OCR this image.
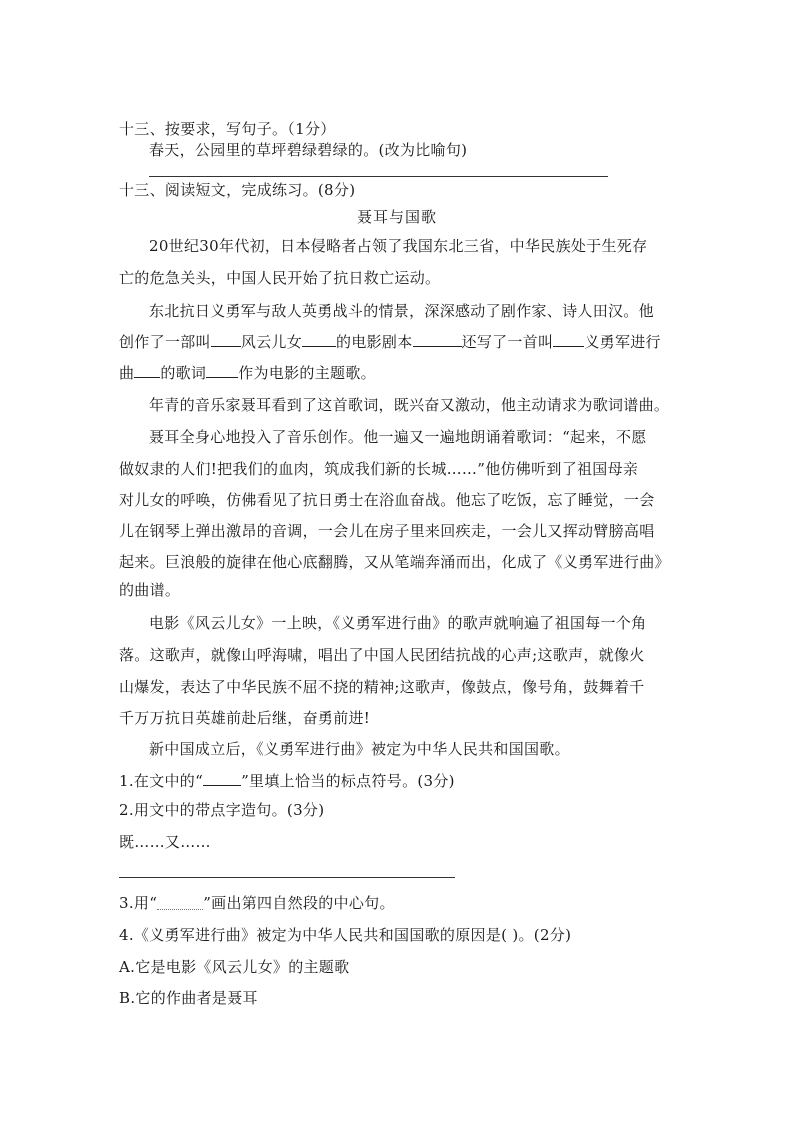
十三、按要求，写句子。（1分）
春天，公园里的草坪碧绿碧绿的。(改为比喻句)
十三、阅读短文，完成练习。(8分)
聂耳与国歌
20世纪30年代初，日本侵略者占领了我国东北三省，中华民族处于生死存
亡的危急关头，中国人民开始了抗日救亡运动。
东北抗日义勇军与敌人英勇战斗的情景，深深感动了剧作家、诗人田汉。他
创作了一部叫 风云儿女 的电影剧本	还写了一首叫 义勇军进行
曲 的歌词 作为电影的主题歌。
年青的音乐家聂耳看到了这首歌词，既兴奋又激动，他主动请求为歌词谱曲。
聂耳全身心地投入了音乐创作。他一遍又一遍地朗诵着歌词：“起来，不愿
做奴隶的人们!把我们的血肉，筑成我们新的长城……”他仿佛听到了祖国母亲
对儿女的呼唤，仿佛看见了抗日勇士在浴血奋战。他忘了吃饭，忘了睡觉，一会
儿在钢琴上弹出激昂的音调，一会儿在房子里来回疾走，一会儿又挥动臂膀高唱
起来。巨浪般的旋律在他心底翻腾，又从笔端奔涌而出，化成了《义勇军进行曲》
的曲谱。
电影《风云儿女》一上映，《义勇军进行曲》的歌声就响遍了祖国每一个角
落。这歌声，就像山呼海啸，唱出了中国人民团结抗战的心声;这歌声，就像火
山爆发，表达了中华民族不屈不挠的精神;这歌声，像鼓点，像号角，鼓舞着千
千万万抗日英雄前赴后继，奋勇前进!
新中国成立后，《义勇军进行曲》被定为中华人民共和国国歌。
1.在文中的“	”里填上恰当的标点符号。(3分)
2.用文中的带点字造句。(3分)
既……又……
3.用“	”画出第四自然段的中心句。
4.《义勇军进行曲》被定为中华人民共和国国歌的原因是( )。(2分)
A.它是电影《风云儿女》的主题歌
B.它的作曲者是聂耳
